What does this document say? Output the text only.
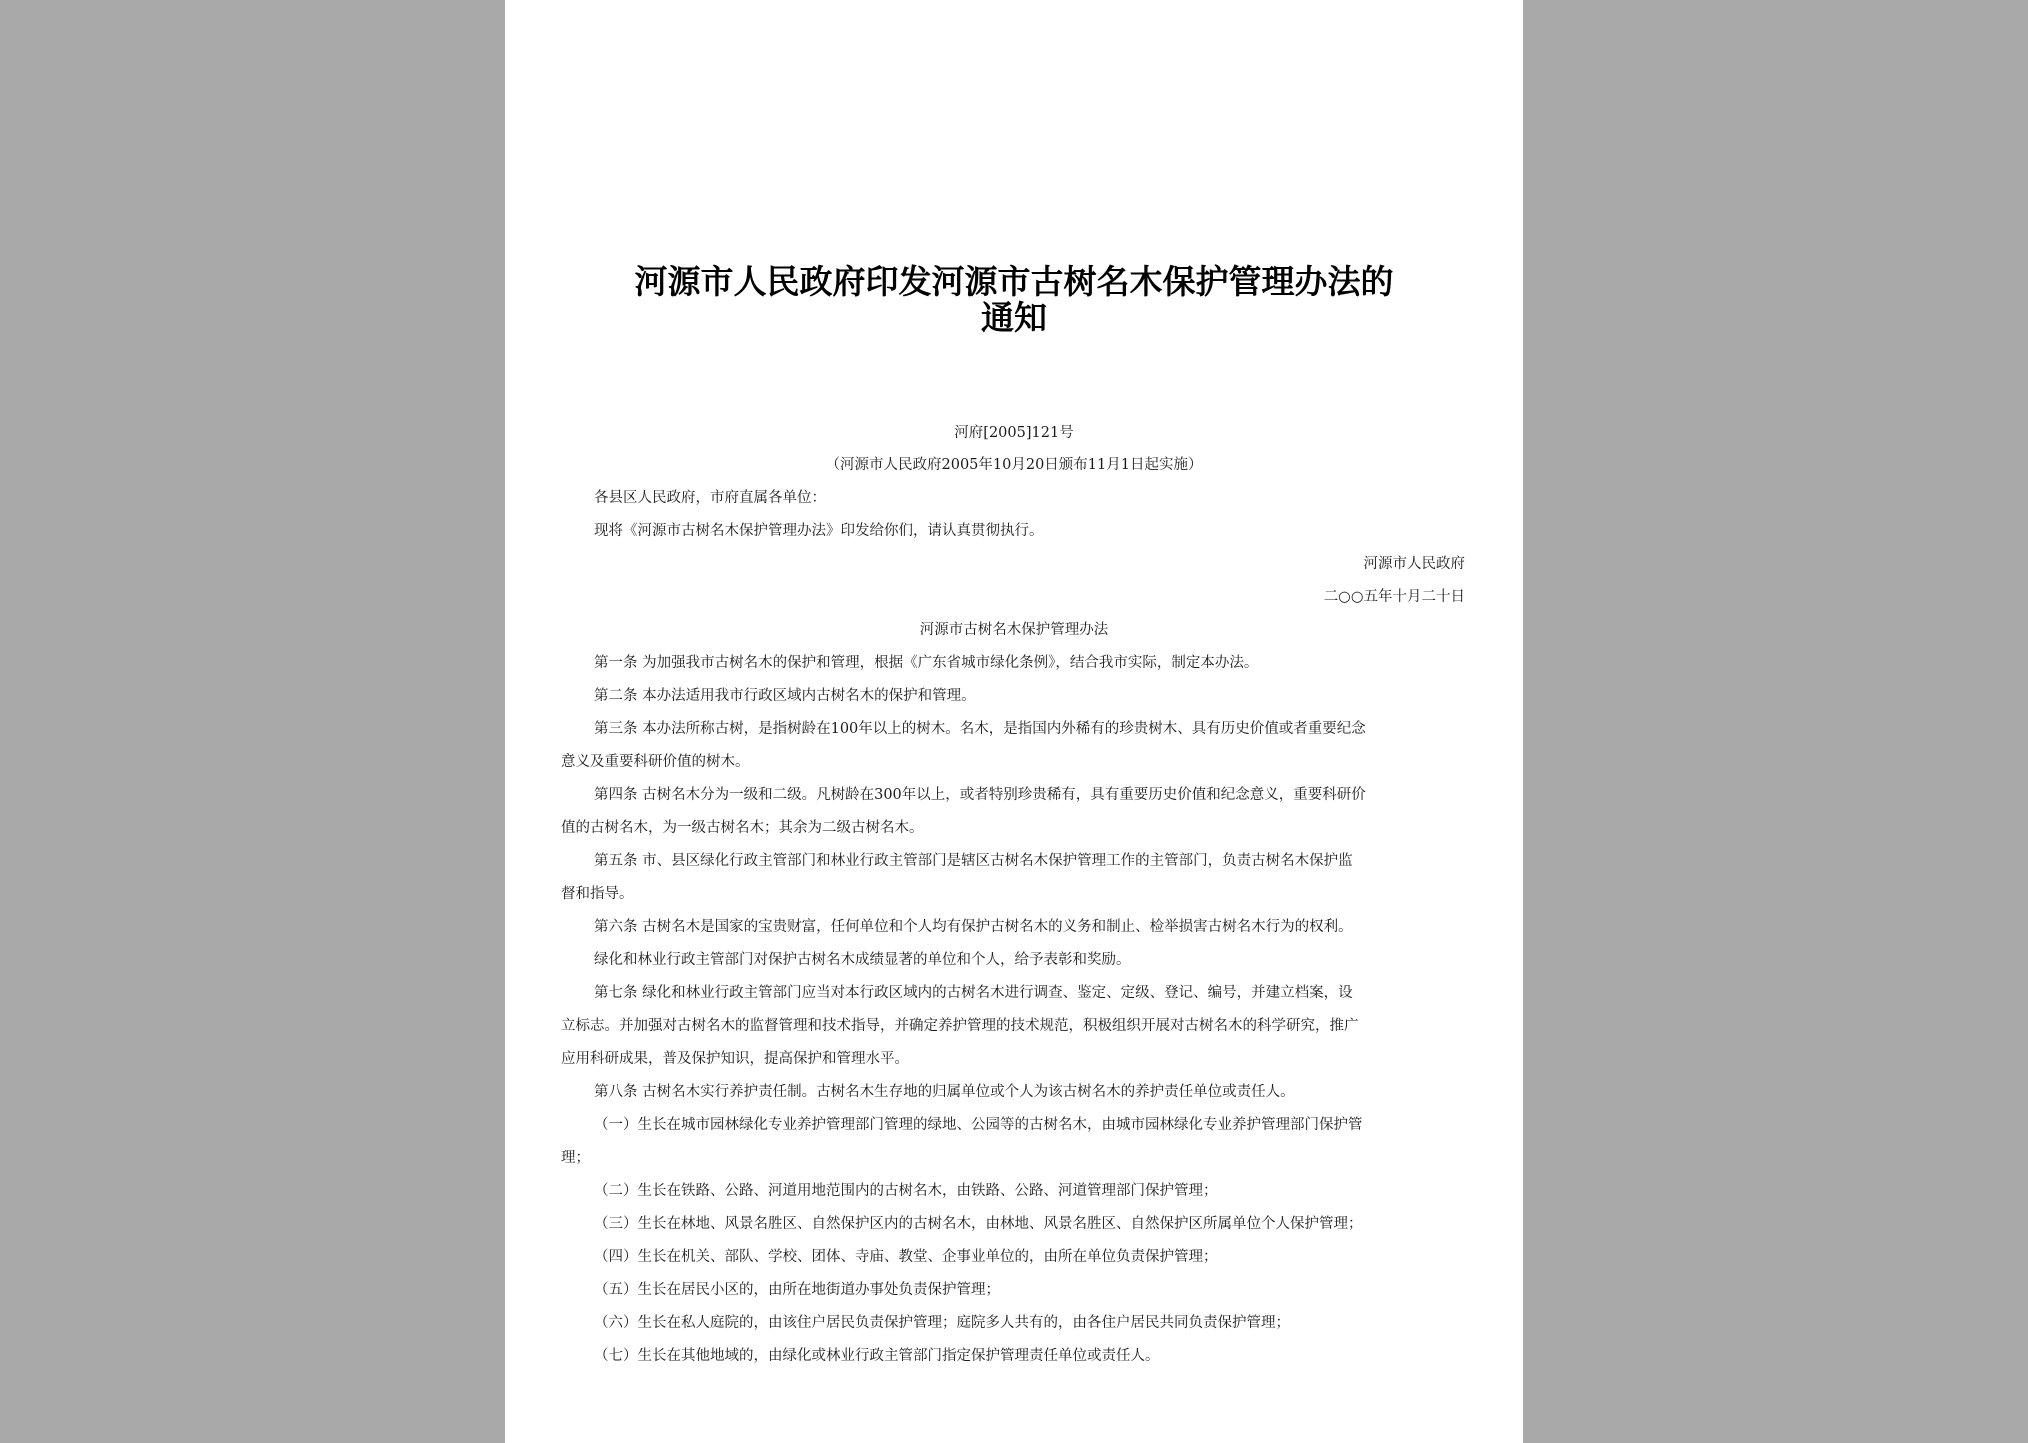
河源市人民政府印发河源市古树名木保护管理办法的
通知
河府[2005]121号
（河源市人民政府2005年10月20日颁布11月1日起实施）
各县区人民政府，市府直属各单位：
现将《河源市古树名木保护管理办法》印发给你们，请认真贯彻执行。
河源市人民政府
二○○五年十月二十日
河源市古树名木保护管理办法
第一条 为加强我市古树名木的保护和管理，根据《广东省城市绿化条例》，结合我市实际，制定本办法。
第二条 本办法适用我市行政区域内古树名木的保护和管理。
第三条 本办法所称古树，是指树龄在100年以上的树木。名木，是指国内外稀有的珍贵树木、具有历史价值或者重要纪念
意义及重要科研价值的树木。
第四条 古树名木分为一级和二级。凡树龄在300年以上，或者特别珍贵稀有，具有重要历史价值和纪念意义，重要科研价
值的古树名木，为一级古树名木；其余为二级古树名木。
第五条 市、县区绿化行政主管部门和林业行政主管部门是辖区古树名木保护管理工作的主管部门，负责古树名木保护监
督和指导。
第六条 古树名木是国家的宝贵财富，任何单位和个人均有保护古树名木的义务和制止、检举损害古树名木行为的权利。
绿化和林业行政主管部门对保护古树名木成绩显著的单位和个人，给予表彰和奖励。
第七条 绿化和林业行政主管部门应当对本行政区域内的古树名木进行调查、鉴定、定级、登记、编号，并建立档案，设
立标志。并加强对古树名木的监督管理和技术指导，并确定养护管理的技术规范，积极组织开展对古树名木的科学研究，推广
应用科研成果，普及保护知识，提高保护和管理水平。
第八条 古树名木实行养护责任制。古树名木生存地的归属单位或个人为该古树名木的养护责任单位或责任人。
（一）生长在城市园林绿化专业养护管理部门管理的绿地、公园等的古树名木，由城市园林绿化专业养护管理部门保护管
理；
（二）生长在铁路、公路、河道用地范围内的古树名木，由铁路、公路、河道管理部门保护管理；
（三）生长在林地、风景名胜区、自然保护区内的古树名木，由林地、风景名胜区、自然保护区所属单位个人保护管理；
（四）生长在机关、部队、学校、团体、寺庙、教堂、企事业单位的，由所在单位负责保护管理；
（五）生长在居民小区的，由所在地街道办事处负责保护管理；
（六）生长在私人庭院的，由该住户居民负责保护管理；庭院多人共有的，由各住户居民共同负责保护管理；
（七）生长在其他地域的，由绿化或林业行政主管部门指定保护管理责任单位或责任人。
